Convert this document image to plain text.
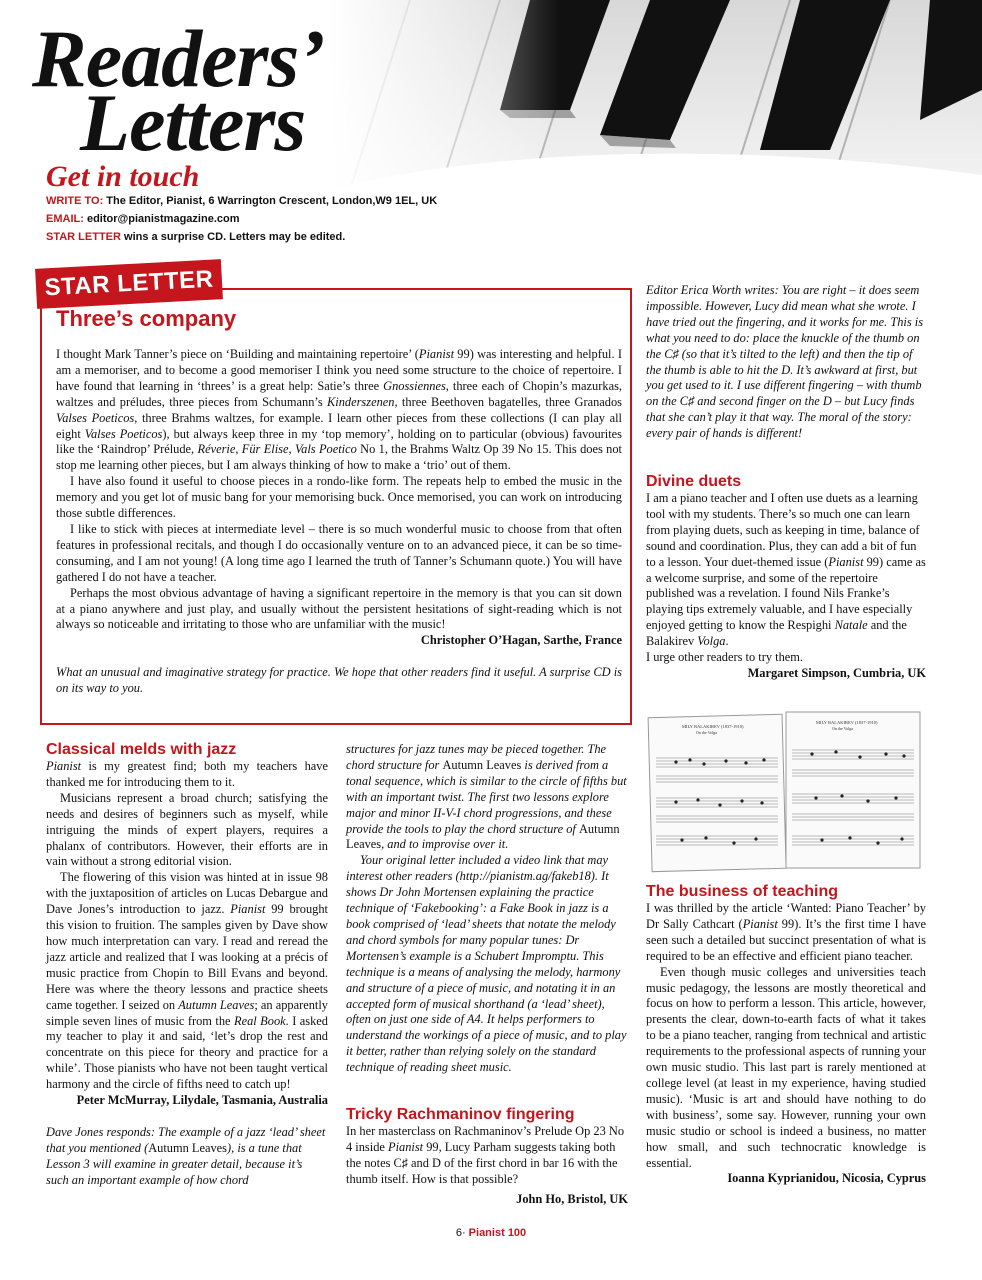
Readers’
Letters
Get in touch
WRITE TO: The Editor, Pianist, 6 Warrington Crescent, London,W9 1EL, UK
EMAIL: editor@pianistmagazine.com
STAR LETTER wins a surprise CD. Letters may be edited.
STAR LETTER
Three’s company

I thought Mark Tanner’s piece on ‘Building and maintaining repertoire’ (Pianist 99) was interesting and helpful. I am a memoriser, and to become a good memoriser I think you need some structure to the choice of repertoire. I have found that learning in ‘threes’ is a great help: Satie’s three Gnossiennes, three each of Chopin’s mazurkas, waltzes and préludes, three pieces from Schumann’s Kinderszenen, three Beethoven bagatelles, three Granados Valses Poeticos, three Brahms waltzes, for example. I learn other pieces from these collections (I can play all eight Valses Poeticos), but always keep three in my ‘top memory’, holding on to particular (obvious) favourites like the ‘Raindrop’ Prélude, Réverie, Für Elise, Vals Poetico No 1, the Brahms Waltz Op 39 No 15. This does not stop me learning other pieces, but I am always thinking of how to make a ‘trio’ out of them.

I have also found it useful to choose pieces in a rondo-like form. The repeats help to embed the music in the memory and you get lot of music bang for your memorising buck. Once memorised, you can work on introducing those subtle differences.

I like to stick with pieces at intermediate level – there is so much wonderful music to choose from that often features in professional recitals, and though I do occasionally venture on to an advanced piece, it can be so time-consuming, and I am not young! (A long time ago I learned the truth of Tanner’s Schumann quote.) You will have gathered I do not have a teacher.

Perhaps the most obvious advantage of having a significant repertoire in the memory is that you can sit down at a piano anywhere and just play, and usually without the persistent hesitations of sight-reading which is not always so noticeable and irritating to those who are unfamiliar with the music!

Christopher O’Hagan, Sarthe, France
What an unusual and imaginative strategy for practice. We hope that other readers find it useful. A surprise CD is on its way to you.
Editor Erica Worth writes: You are right – it does seem impossible. However, Lucy did mean what she wrote. I have tried out the fingering, and it works for me. This is what you need to do: place the knuckle of the thumb on the C♯ (so that it’s tilted to the left) and then the tip of the thumb is able to hit the D. It’s awkward at first, but you get used to it. I use different fingering – with thumb on the C♯ and second finger on the D – but Lucy finds that she can’t play it that way. The moral of the story: every pair of hands is different!
Divine duets

I am a piano teacher and I often use duets as a learning tool with my students. There’s so much one can learn from playing duets, such as keeping in time, balance of sound and coordination. Plus, they can add a bit of fun to a lesson. Your duet-themed issue (Pianist 99) came as a welcome surprise, and some of the repertoire published was a revelation. I found Nils Franke’s playing tips extremely valuable, and I have especially enjoyed getting to know the Respighi Natale and the Balakirev Volga.

I urge other readers to try them.

Margaret Simpson, Cumbria, UK
MILY BALAKIREV (1837-1910)
On the Volga
MILY BALAKIREV (1837-1910)
On the Volga
The business of teaching

I was thrilled by the article ‘Wanted: Piano Teacher’ by Dr Sally Cathcart (Pianist 99). It’s the first time I have seen such a detailed but succinct presentation of what is required to be an effective and efficient piano teacher.

Even though music colleges and universities teach music pedagogy, the lessons are mostly theoretical and focus on how to perform a lesson. This article, however, presents the clear, down-to-earth facts of what it takes to be a piano teacher, ranging from technical and artistic requirements to the professional aspects of running your own music studio. This last part is rarely mentioned at college level (at least in my experience, having studied music). ‘Music is art and should have nothing to do with business’, some say. However, running your own music studio or school is indeed a business, no matter how small, and such technocratic knowledge is essential.

Ioanna Kyprianidou, Nicosia, Cyprus
Classical melds with jazz

Pianist is my greatest find; both my teachers have thanked me for introducing them to it.

Musicians represent a broad church; satisfying the needs and desires of beginners such as myself, while intriguing the minds of expert players, requires a phalanx of contributors. However, their efforts are in vain without a strong editorial vision.

The flowering of this vision was hinted at in issue 98 with the juxtaposition of articles on Lucas Debargue and Dave Jones’s introduction to jazz. Pianist 99 brought this vision to fruition. The samples given by Dave show how much interpretation can vary. I read and reread the jazz article and realized that I was looking at a précis of music practice from Chopin to Bill Evans and beyond. Here was where the theory lessons and practice sheets came together. I seized on Autumn Leaves; an apparently simple seven lines of music from the Real Book. I asked my teacher to play it and said, ‘let’s drop the rest and concentrate on this piece for theory and practice for a while’. Those pianists who have not been taught vertical harmony and the circle of fifths need to catch up!

Peter McMurray, Lilydale, Tasmania, Australia
Dave Jones responds: The example of a jazz ‘lead’ sheet that you mentioned (Autumn Leaves), is a tune that Lesson 3 will examine in greater detail, because it’s such an important example of how chord
structures for jazz tunes may be pieced together. The chord structure for Autumn Leaves is derived from a tonal sequence, which is similar to the circle of fifths but with an important twist. The first two lessons explore major and minor II-V-I chord progressions, and these provide the tools to play the chord structure of Autumn Leaves, and to improvise over it.
Your original letter included a video link that may interest other readers (http://pianistm.ag/fakeb18). It shows Dr John Mortensen explaining the practice technique of ‘Fakebooking’: a Fake Book in jazz is a book comprised of ‘lead’ sheets that notate the melody and chord symbols for many popular tunes: Dr Mortensen’s example is a Schubert Impromptu. This technique is a means of analysing the melody, harmony and structure of a piece of music, and notating it in an accepted form of musical shorthand (a ‘lead’ sheet), often on just one side of A4. It helps performers to understand the workings of a piece of music, and to play it better, rather than relying solely on the standard technique of reading sheet music.
Tricky Rachmaninov fingering

In her masterclass on Rachmaninov’s Prelude Op 23 No 4 inside Pianist 99, Lucy Parham suggests taking both the notes C♯ and D of the first chord in bar 16 with the thumb itself. How is that possible?

John Ho, Bristol, UK
6· Pianist 100
